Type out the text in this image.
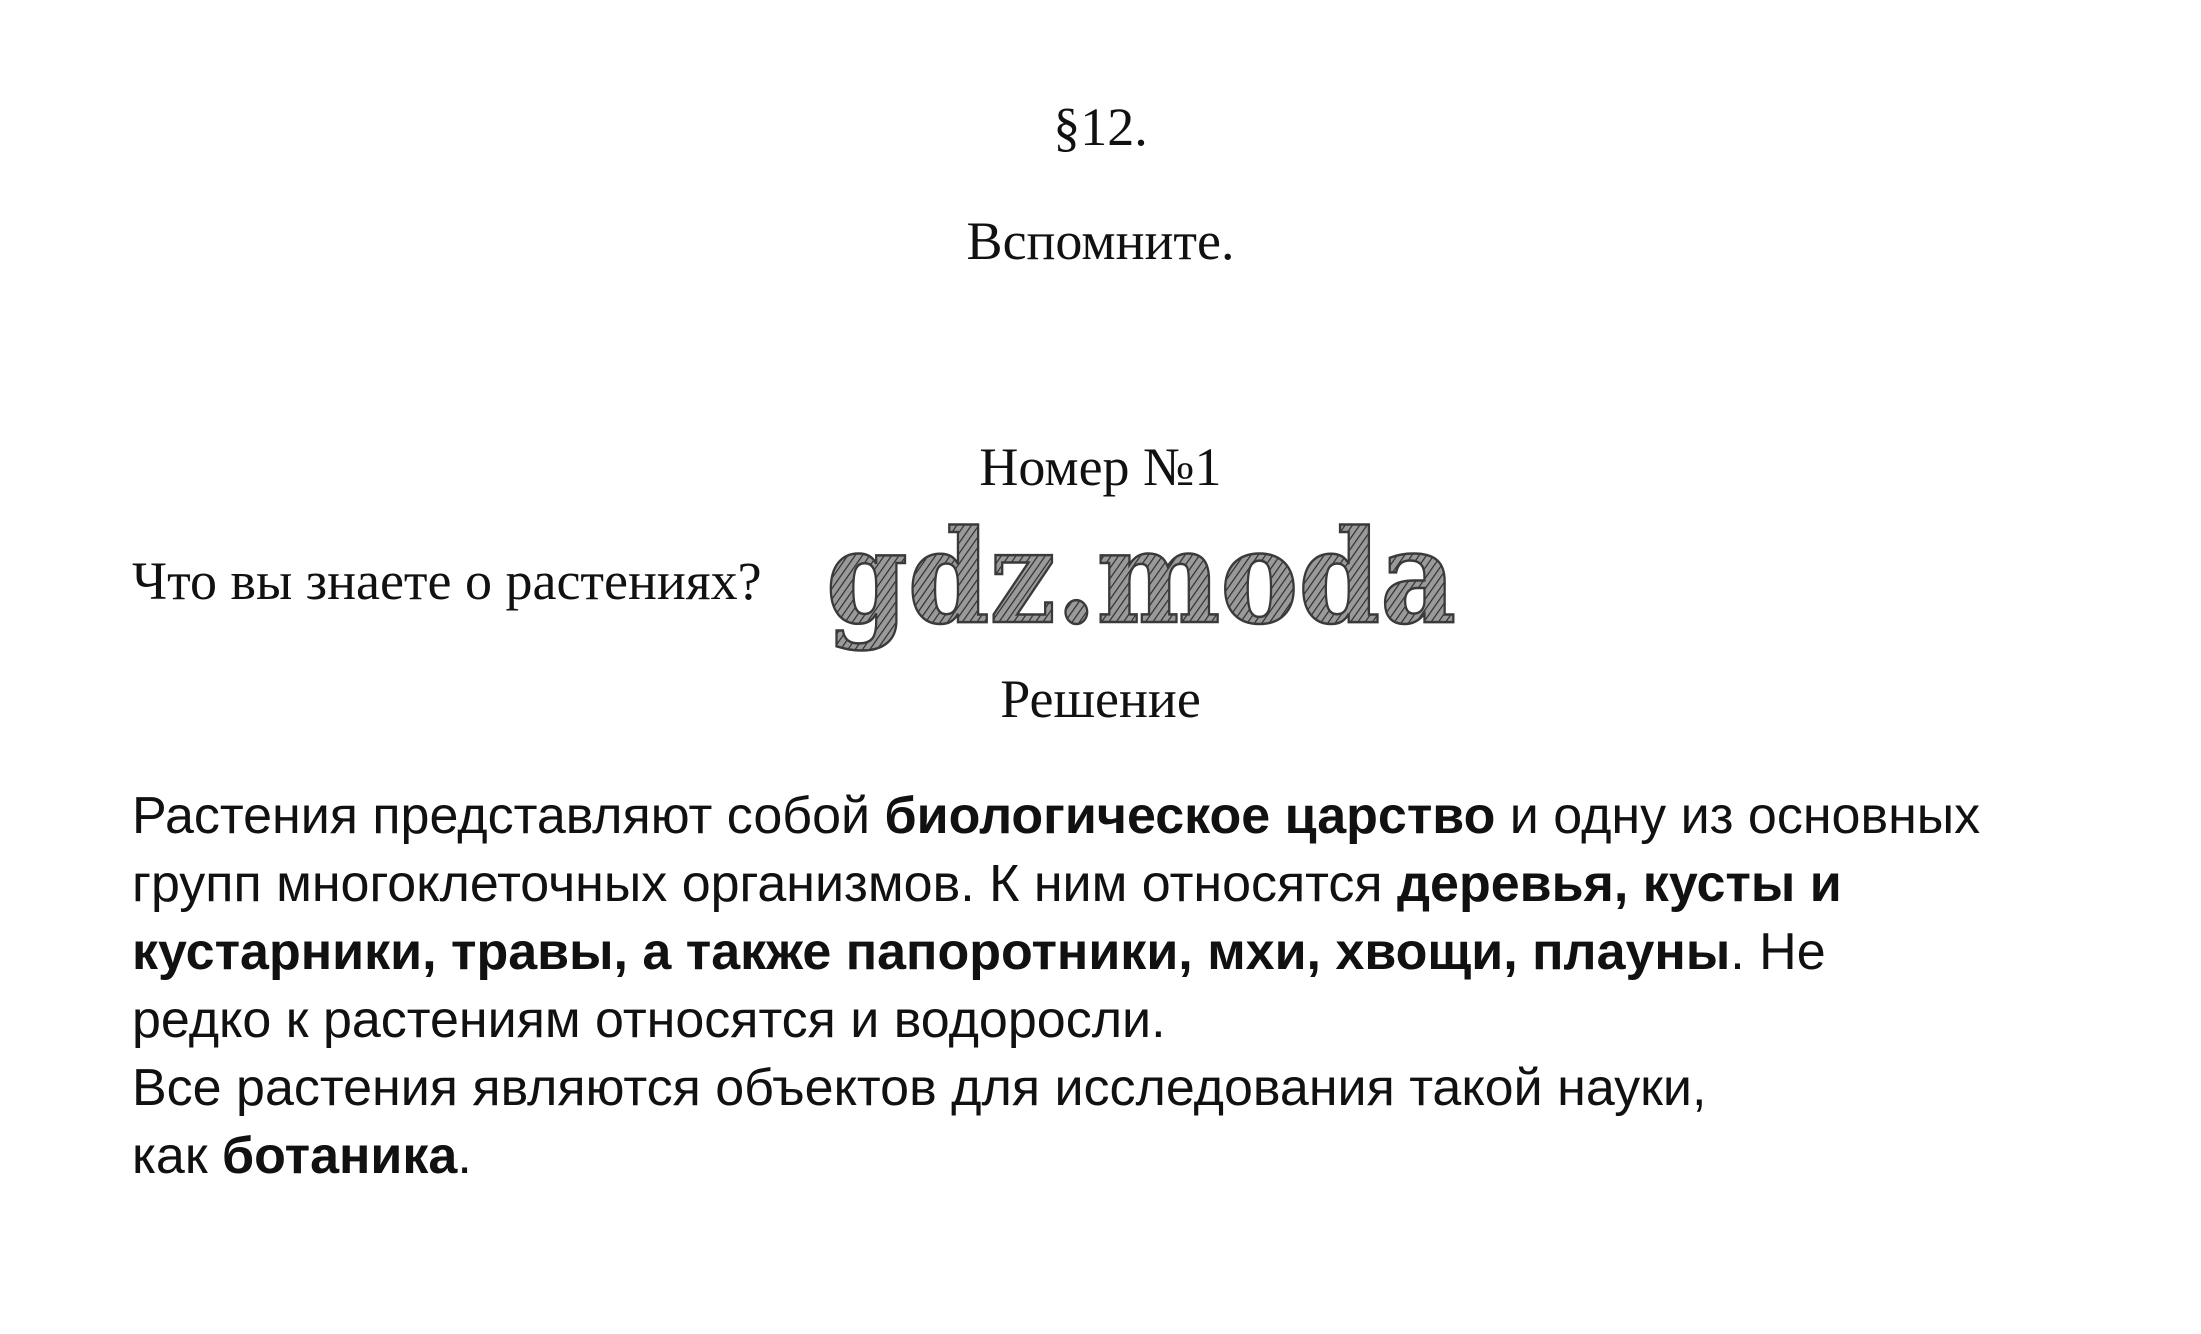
§12.
Вспомните.
Номер №1
Что вы знаете о растениях? gdz.moda
Решение
Растения представляют собой биологическое царство и одну из основных
групп многоклеточных организмов. К ним относятся деревья, кусты и
кустарники, травы, а также папоротники, мхи, хвощи, плауны. Не
редко к растениям относятся и водоросли.
Все растения являются объектов для исследования такой науки,
как ботаника.
